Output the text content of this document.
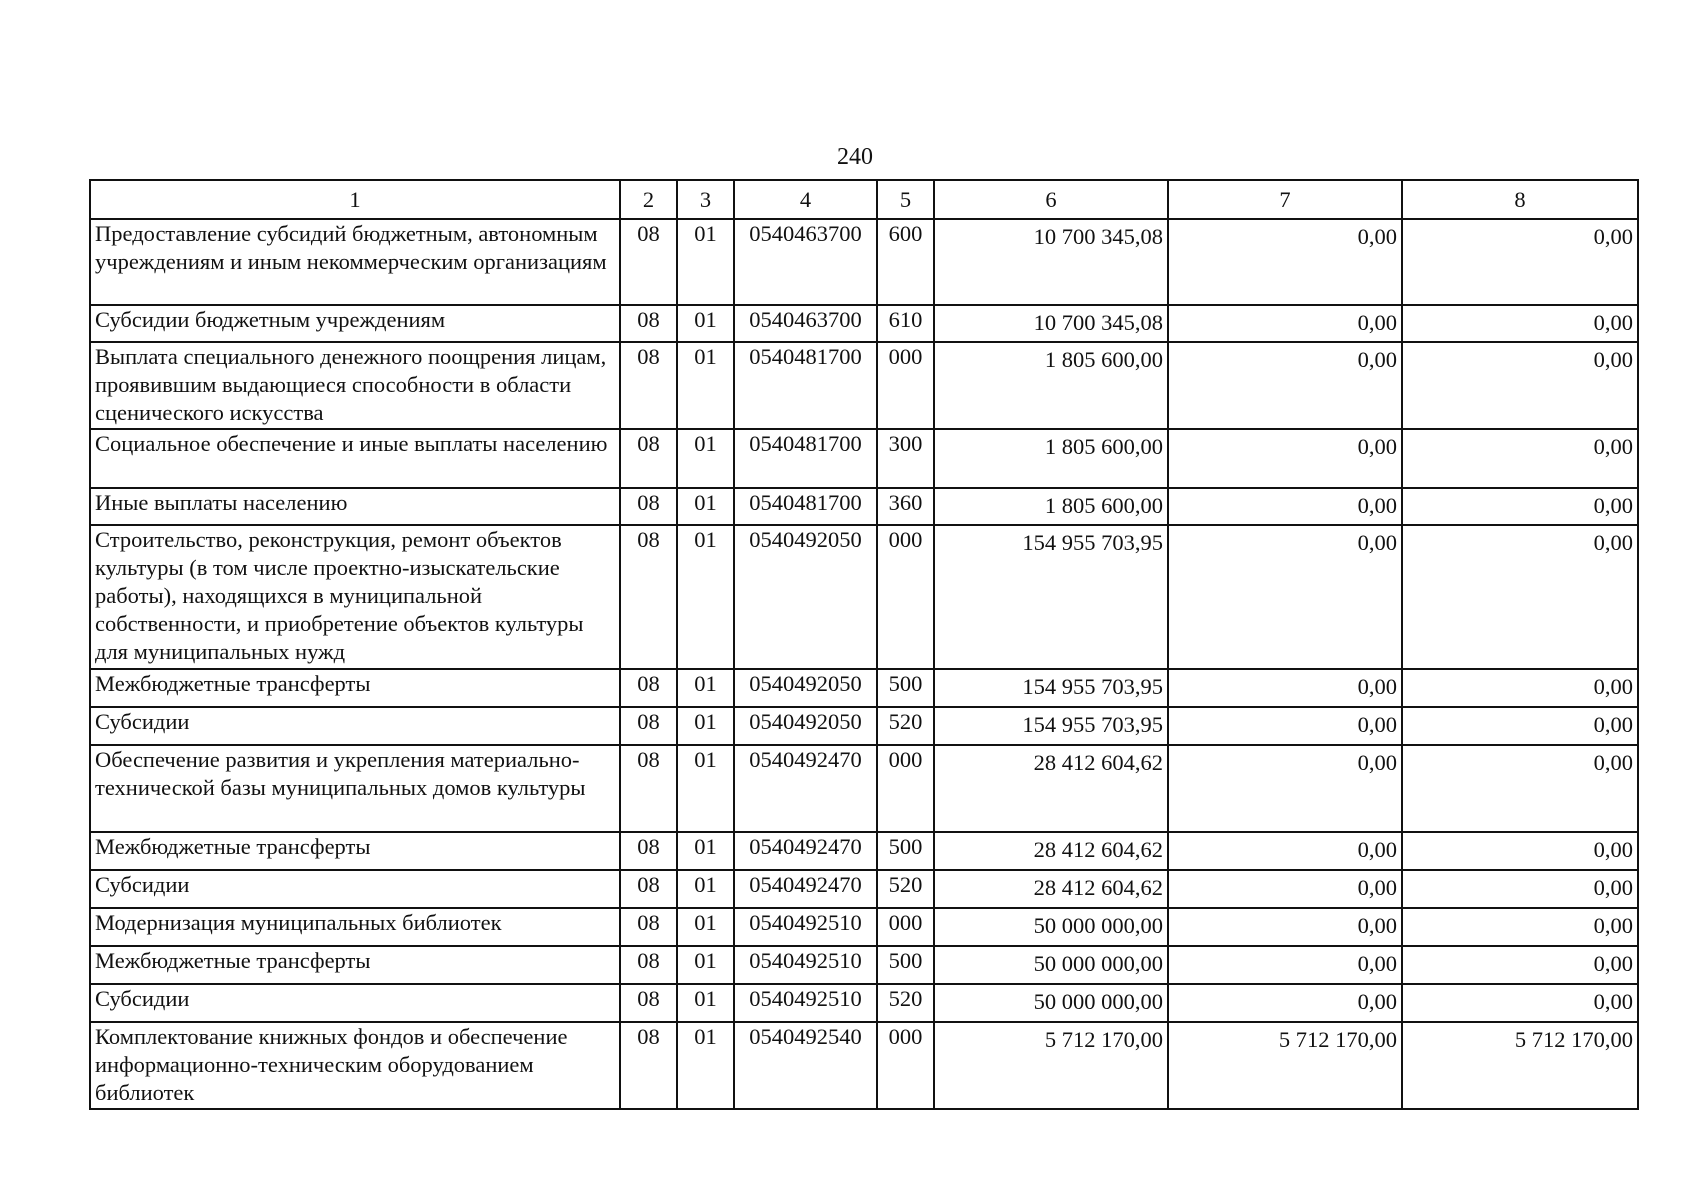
240
1	2	3	4	5	6	7	8
Предоставление субсидий бюджетным, автономным учреждениям и иным некоммерческим организациям	08	01	0540463700	600	10 700 345,08	0,00	0,00
Субсидии бюджетным учреждениям	08	01	0540463700	610	10 700 345,08	0,00	0,00
Выплата специального денежного поощрения лицам, проявившим выдающиеся способности в области сценического искусства	08	01	0540481700	000	1 805 600,00	0,00	0,00
Социальное обеспечение и иные выплаты населению	08	01	0540481700	300	1 805 600,00	0,00	0,00
Иные выплаты населению	08	01	0540481700	360	1 805 600,00	0,00	0,00
Строительство, реконструкция, ремонт объектов культуры (в том числе проектно-изыскательские работы), находящихся в муниципальной собственности, и приобретение объектов культуры для муниципальных нужд	08	01	0540492050	000	154 955 703,95	0,00	0,00
Межбюджетные трансферты	08	01	0540492050	500	154 955 703,95	0,00	0,00
Субсидии	08	01	0540492050	520	154 955 703,95	0,00	0,00
Обеспечение развития и укрепления материально-технической базы муниципальных домов культуры	08	01	0540492470	000	28 412 604,62	0,00	0,00
Межбюджетные трансферты	08	01	0540492470	500	28 412 604,62	0,00	0,00
Субсидии	08	01	0540492470	520	28 412 604,62	0,00	0,00
Модернизация муниципальных библиотек	08	01	0540492510	000	50 000 000,00	0,00	0,00
Межбюджетные трансферты	08	01	0540492510	500	50 000 000,00	0,00	0,00
Субсидии	08	01	0540492510	520	50 000 000,00	0,00	0,00
Комплектование книжных фондов и обеспечение информационно-техническим оборудованием библиотек	08	01	0540492540	000	5 712 170,00	5 712 170,00	5 712 170,00
